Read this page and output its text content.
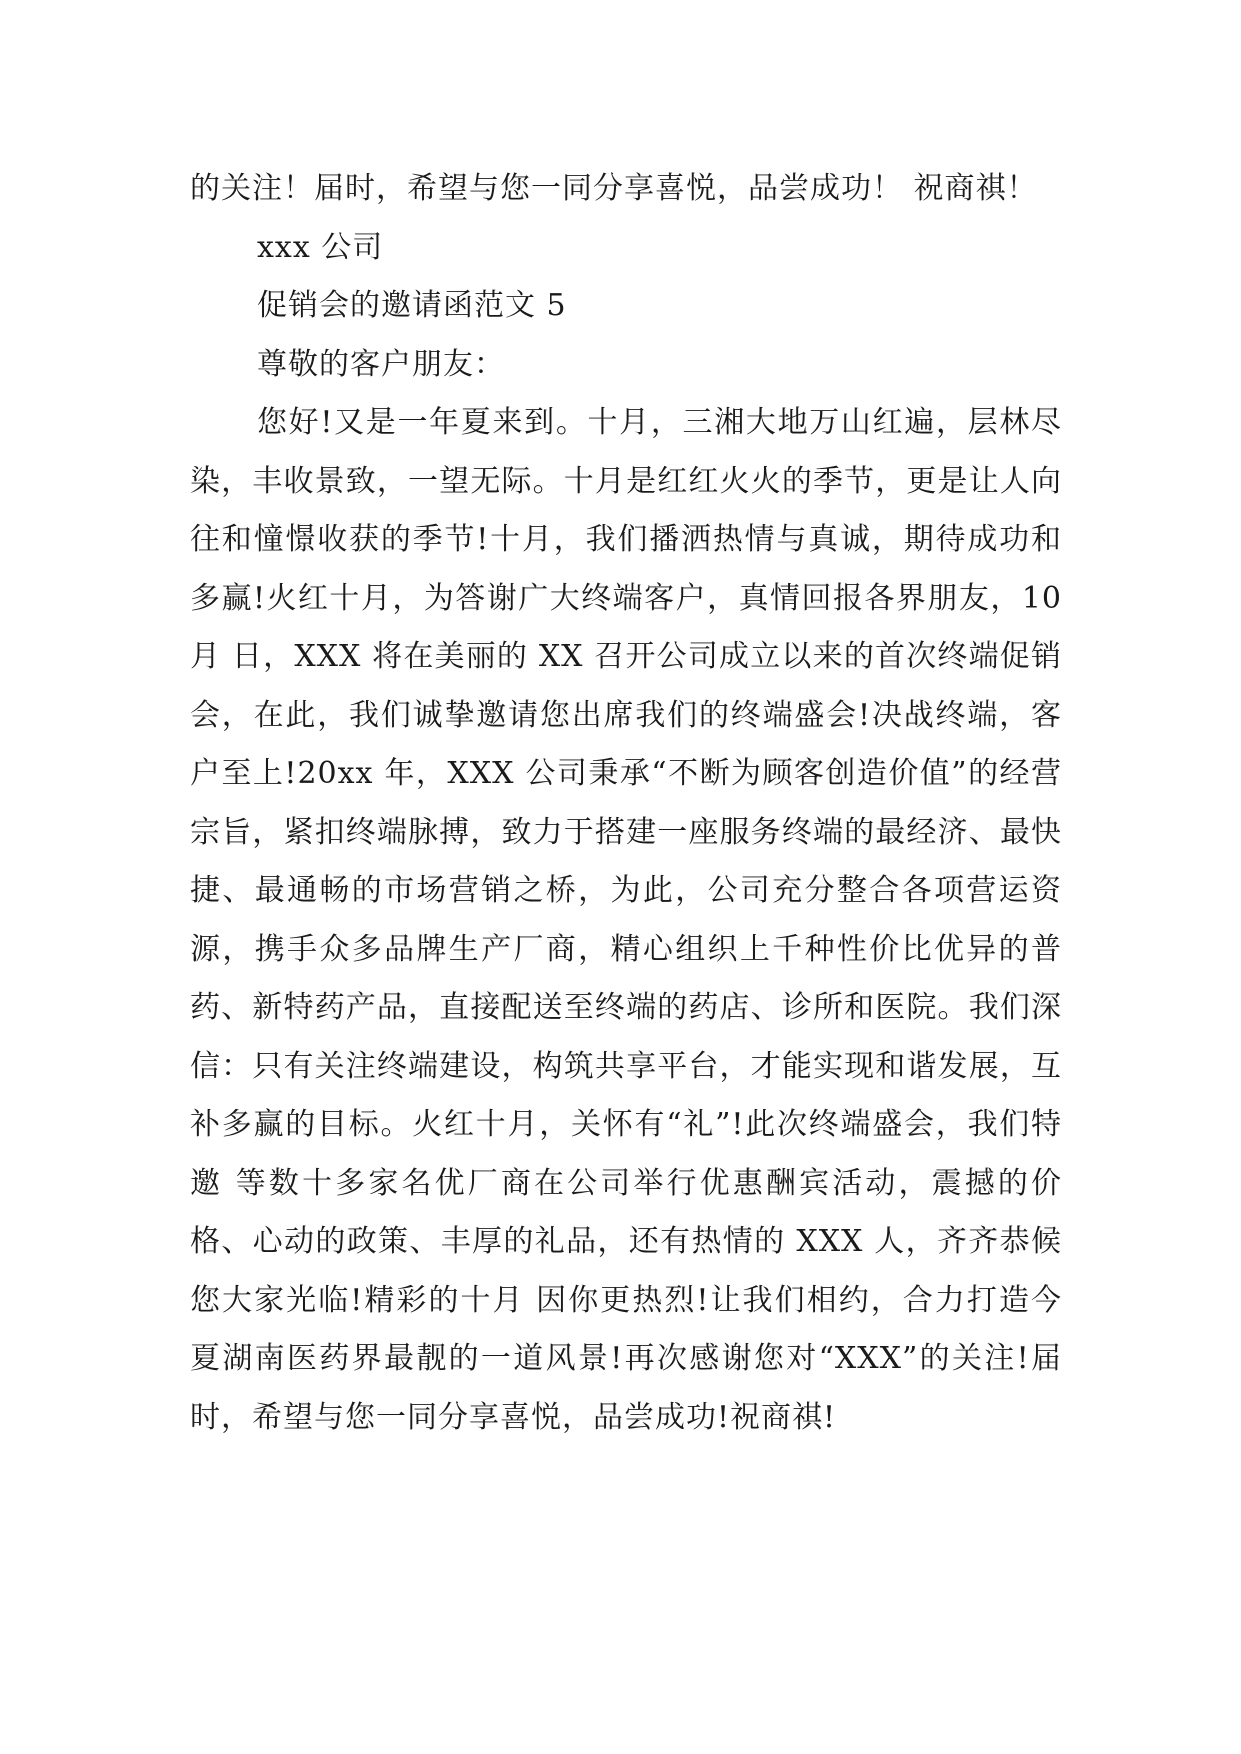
的关注！届时，希望与您一同分享喜悦，品尝成功！ 祝商祺！

xxx 公司

促销会的邀请函范文 5

尊敬的客户朋友：

您好!又是一年夏来到。十月，三湘大地万山红遍，层林尽染，丰收景致，一望无际。十月是红红火火的季节，更是让人向往和憧憬收获的季节!十月，我们播洒热情与真诚，期待成功和多赢!火红十月，为答谢广大终端客户，真情回报各界朋友，10 月 日，XXX 将在美丽的 XX 召开公司成立以来的首次终端促销会，在此，我们诚挚邀请您出席我们的终端盛会!决战终端，客户至上!20xx 年，XXX 公司秉承“不断为顾客创造价值”的经营宗旨，紧扣终端脉搏，致力于搭建一座服务终端的最经济、最快捷、最通畅的市场营销之桥，为此，公司充分整合各项营运资源，携手众多品牌生产厂商，精心组织上千种性价比优异的普药、新特药产品，直接配送至终端的药店、诊所和医院。我们深信：只有关注终端建设，构筑共享平台，才能实现和谐发展，互补多赢的目标。火红十月，关怀有“礼”!此次终端盛会，我们特邀 等数十多家名优厂商在公司举行优惠酬宾活动，震撼的价格、心动的政策、丰厚的礼品，还有热情的 XXX 人，齐齐恭候您大家光临!精彩的十月 因你更热烈!让我们相约，合力打造今夏湖南医药界最靓的一道风景!再次感谢您对“XXX”的关注!届时，希望与您一同分享喜悦，品尝成功!祝商祺!
